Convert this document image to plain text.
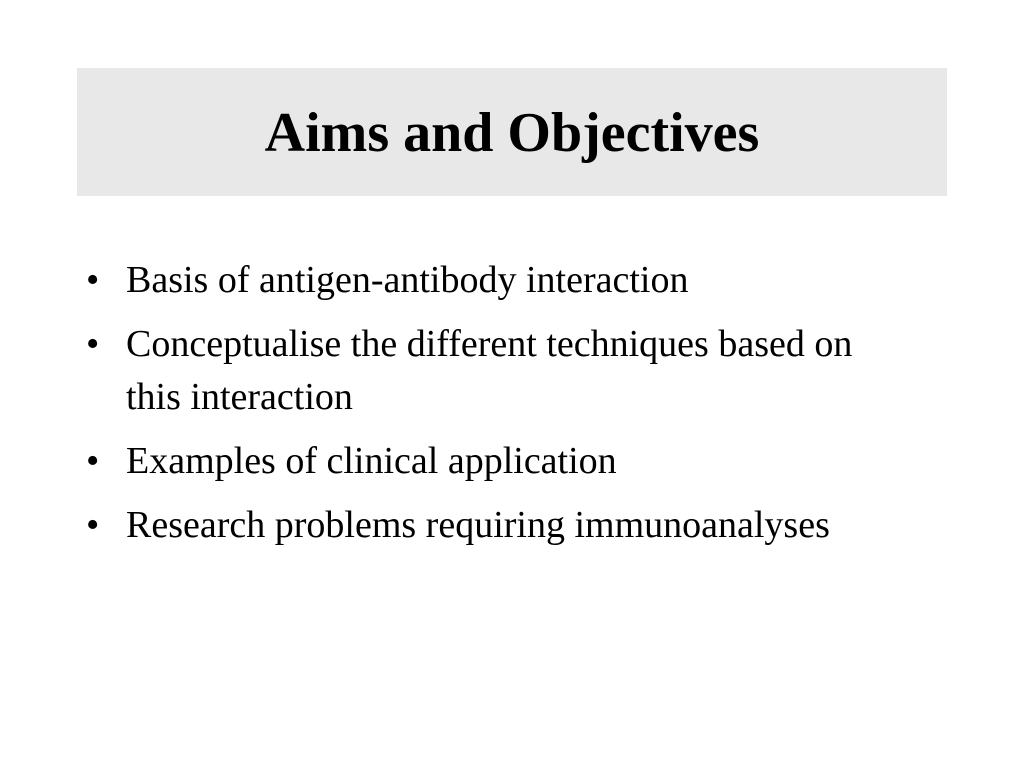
Aims and Objectives
• Basis of antigen-antibody interaction
• Conceptualise the different techniques based on this interaction
• Examples of clinical application
• Research problems requiring immunoanalyses
